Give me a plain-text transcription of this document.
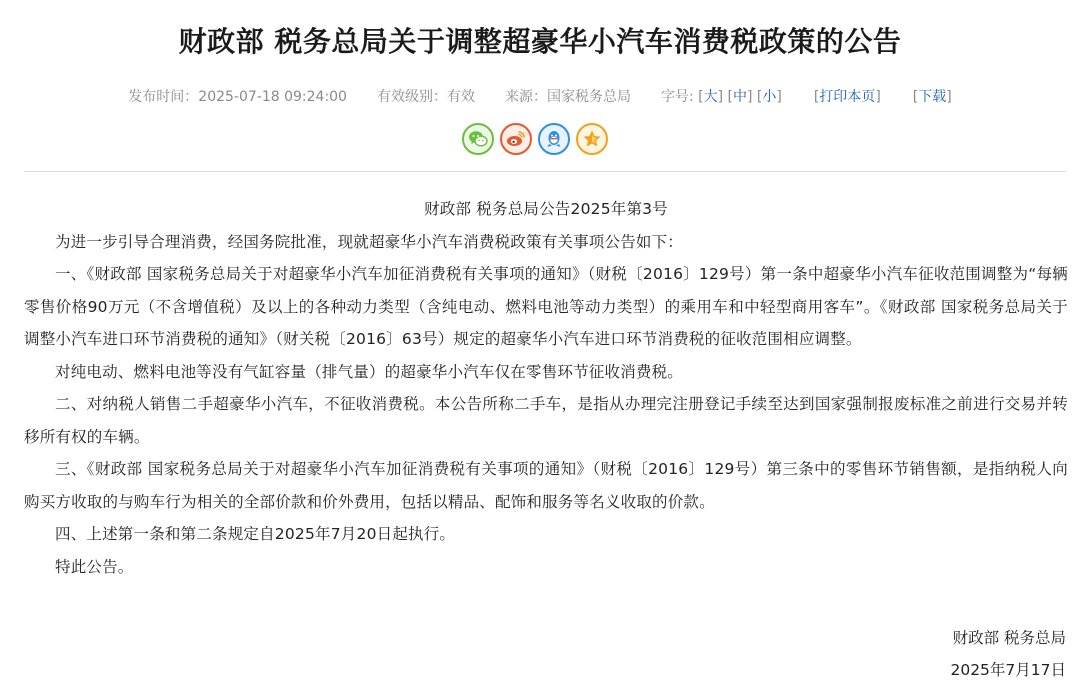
财政部 税务总局关于调整超豪华小汽车消费税政策的公告
发布时间：2025-07-18 09:24:00 有效级别：有效 来源：国家税务总局 字号: [大] [中] [小] [打印本页] [下载]

财政部 税务总局公告2025年第3号

为进一步引导合理消费，经国务院批准，现就超豪华小汽车消费税政策有关事项公告如下：

一、《财政部 国家税务总局关于对超豪华小汽车加征消费税有关事项的通知》（财税〔2016〕129号）第一条中超豪华小汽车征收范围调整为“每辆零售价格90万元（不含增值税）及以上的各种动力类型（含纯电动、燃料电池等动力类型）的乘用车和中轻型商用客车”。《财政部 国家税务总局关于调整小汽车进口环节消费税的通知》（财关税〔2016〕63号）规定的超豪华小汽车进口环节消费税的征收范围相应调整。

对纯电动、燃料电池等没有气缸容量（排气量）的超豪华小汽车仅在零售环节征收消费税。

二、对纳税人销售二手超豪华小汽车，不征收消费税。本公告所称二手车，是指从办理完注册登记手续至达到国家强制报废标准之前进行交易并转移所有权的车辆。

三、《财政部 国家税务总局关于对超豪华小汽车加征消费税有关事项的通知》（财税〔2016〕129号）第三条中的零售环节销售额，是指纳税人向购买方收取的与购车行为相关的全部价款和价外费用，包括以精品、配饰和服务等名义收取的价款。

四、上述第一条和第二条规定自2025年7月20日起执行。

特此公告。

财政部 税务总局
2025年7月17日
